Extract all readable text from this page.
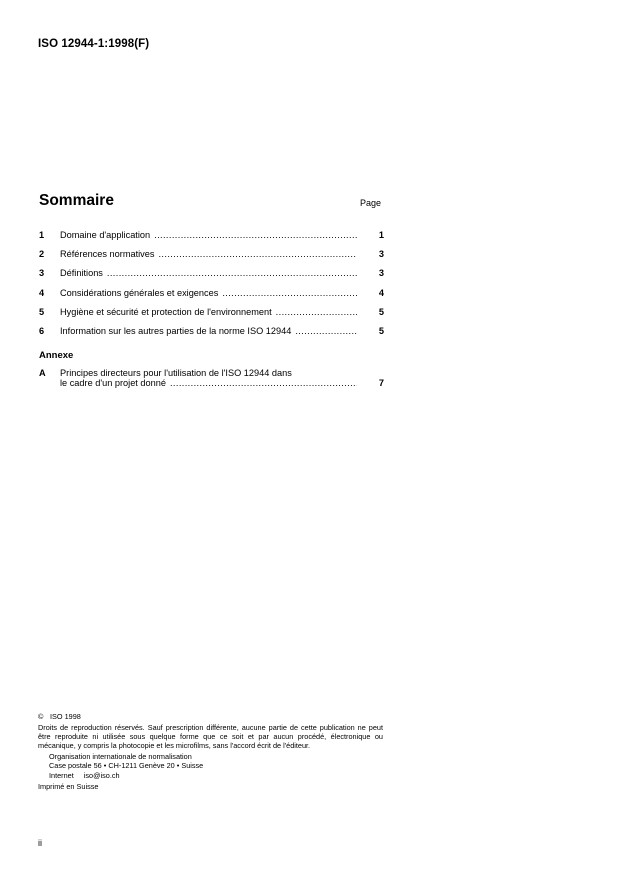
ISO 12944-1:1998(F)
Sommaire	Page
1	Domaine d'application .....	1
2	Références normatives .....	3
3	Définitions .....	3
4	Considérations générales et exigences .....	4
5	Hygiène et sécurité et protection de l'environnement .....	5
6	Information sur les autres parties de la norme ISO 12944 .....	5
Annexe
A	Principes directeurs pour l'utilisation de l'ISO 12944 dans
le cadre d'un projet donné .....	7
© ISO 1998
Droits de reproduction réservés. Sauf prescription différente, aucune partie de cette publication ne peut être reproduite ni utilisée sous quelque forme que ce soit et par aucun procédé, électronique ou mécanique, y compris la photocopie et les microfilms, sans l'accord écrit de l'éditeur.
Organisation internationale de normalisation
Case postale 56 • CH-1211 Genève 20 • Suisse
Internet iso@iso.ch
Imprimé en Suisse
ii
